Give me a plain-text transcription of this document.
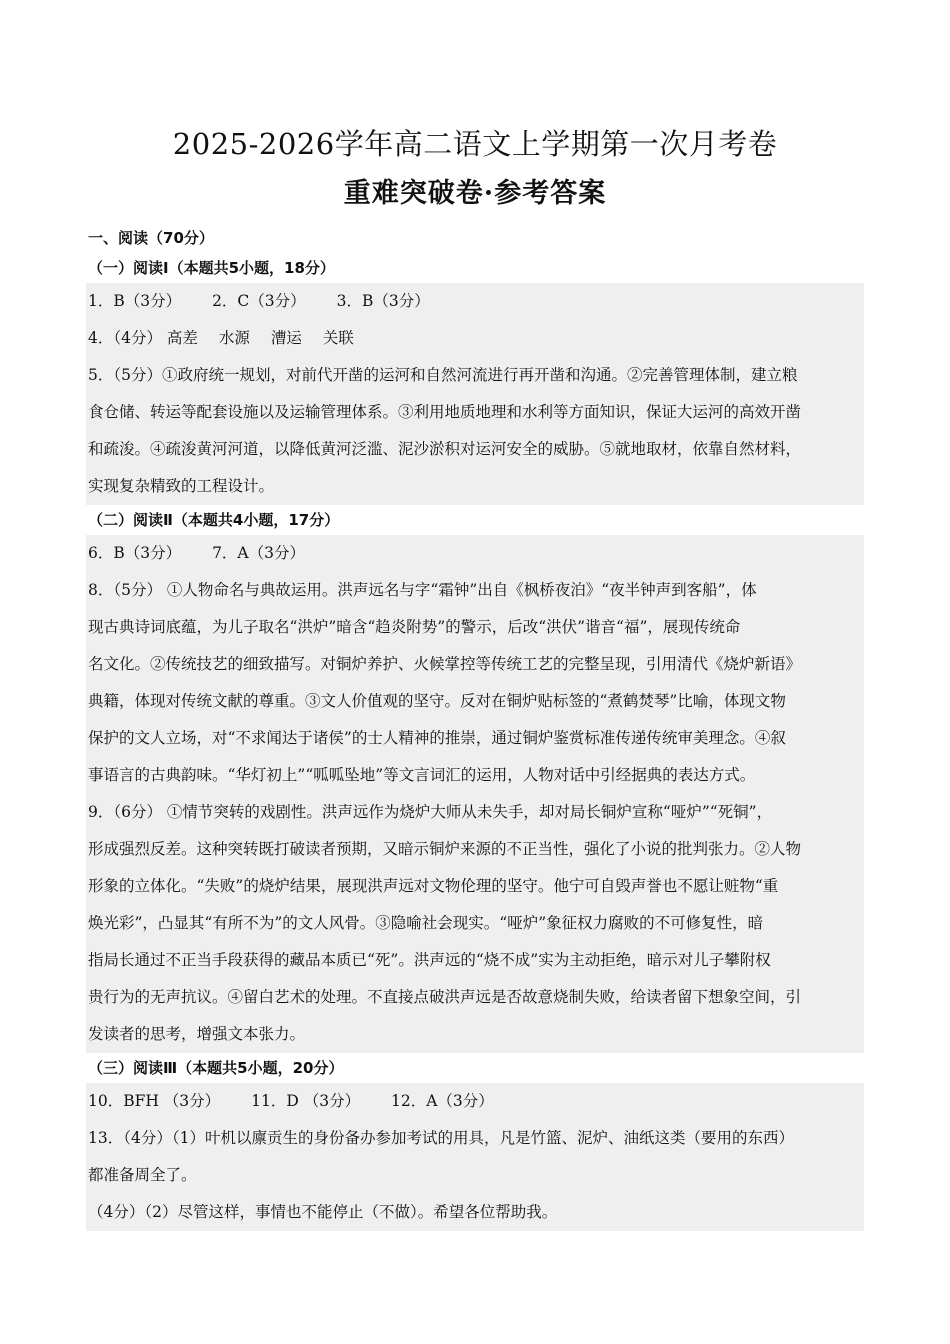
2025-2026学年高二语文上学期第一次月考卷
重难突破卷·参考答案
一、阅读（70分）
（一）阅读Ⅰ（本题共5小题，18分）
1．B（3分） 2．C（3分） 3．B（3分）
4．（4分） 高差 水源 漕运 关联
5．（5分）①政府统一规划，对前代开凿的运河和自然河流进行再开凿和沟通。②完善管理体制，建立粮
食仓储、转运等配套设施以及运输管理体系。③利用地质地理和水利等方面知识，保证大运河的高效开凿
和疏浚。④疏浚黄河河道，以降低黄河泛滥、泥沙淤积对运河安全的威胁。⑤就地取材，依靠自然材料，
实现复杂精致的工程设计。
（二）阅读Ⅱ（本题共4小题，17分）
6．B（3分） 7．A（3分）
8．（5分） ①人物命名与典故运用。洪声远名与字“霜钟”出自《枫桥夜泊》“夜半钟声到客船”，体
现古典诗词底蕴，为儿子取名“洪炉”暗含“趋炎附势”的警示，后改“洪伏”谐音“福”，展现传统命
名文化。②传统技艺的细致描写。对铜炉养护、火候掌控等传统工艺的完整呈现，引用清代《烧炉新语》
典籍，体现对传统文献的尊重。③文人价值观的坚守。反对在铜炉贴标签的“煮鹤焚琴”比喻，体现文物
保护的文人立场，对“不求闻达于诸侯”的士人精神的推崇，通过铜炉鉴赏标准传递传统审美理念。④叙
事语言的古典韵味。“华灯初上”“呱呱坠地”等文言词汇的运用，人物对话中引经据典的表达方式。
9．（6分） ①情节突转的戏剧性。洪声远作为烧炉大师从未失手，却对局长铜炉宣称“哑炉”“死铜”，
形成强烈反差。这种突转既打破读者预期，又暗示铜炉来源的不正当性，强化了小说的批判张力。②人物
形象的立体化。“失败”的烧炉结果，展现洪声远对文物伦理的坚守。他宁可自毁声誉也不愿让赃物“重
焕光彩”，凸显其“有所不为”的文人风骨。③隐喻社会现实。“哑炉”象征权力腐败的不可修复性，暗
指局长通过不正当手段获得的藏品本质已“死”。洪声远的“烧不成”实为主动拒绝，暗示对儿子攀附权
贵行为的无声抗议。④留白艺术的处理。不直接点破洪声远是否故意烧制失败，给读者留下想象空间，引
发读者的思考，增强文本张力。
（三）阅读Ⅲ（本题共5小题，20分）
10．BFH （3分） 11．D （3分） 12．A（3分）
13．（4分）（1）叶机以廪贡生的身份备办参加考试的用具，凡是竹篮、泥炉、油纸这类（要用的东西）
都准备周全了。
（4分）（2）尽管这样，事情也不能停止（不做）。希望各位帮助我。
